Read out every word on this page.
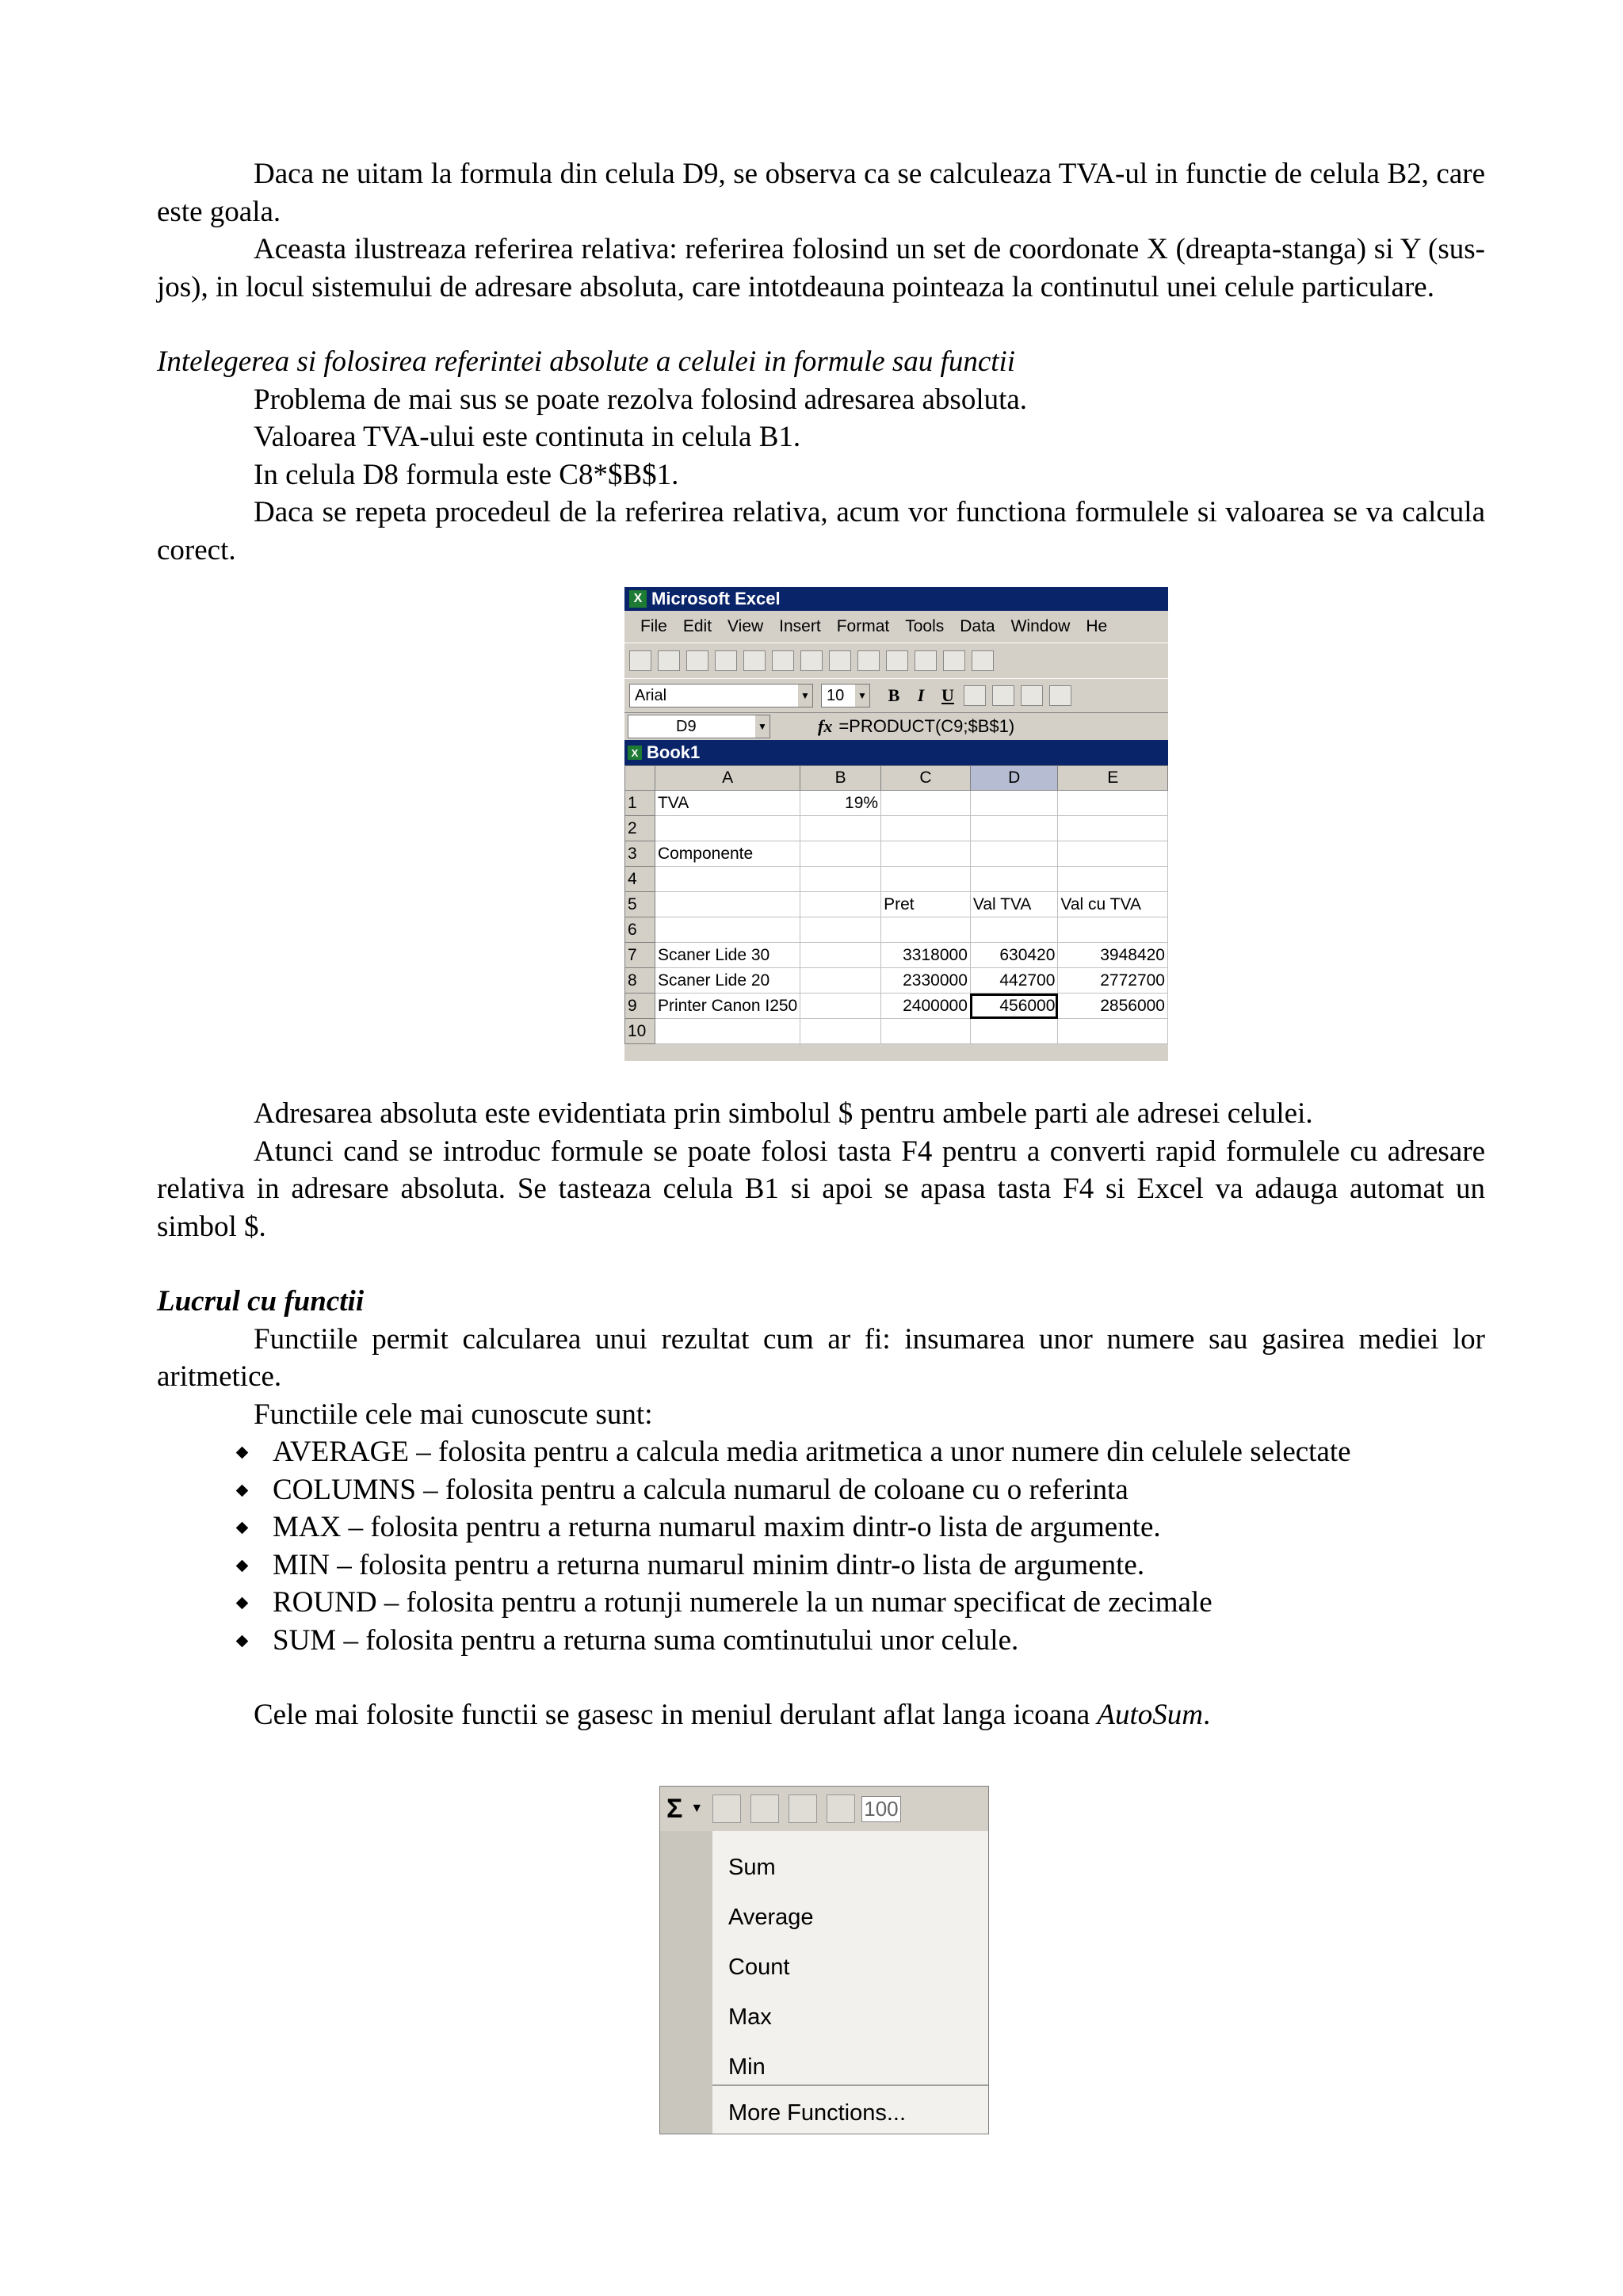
Daca ne uitam la formula din celula D9, se observa ca se calculeaza TVA-ul in functie de celula B2, care este goala.

Aceasta ilustreaza referirea relativa: referirea folosind un set de coordonate X (dreapta-stanga) si Y (sus-jos), in locul sistemului de adresare absoluta, care intotdeauna pointeaza la continutul unei celule particulare.

Intelegerea si folosirea referintei absolute a celulei in formule sau functii

Problema de mai sus se poate rezolva folosind adresarea absoluta.

Valoarea TVA-ului este continuta in celula B1.

In celula D8 formula este C8*$B$1.

Daca se repeta procedeul de la referirea relativa, acum vor functiona formulele si valoarea se va calcula corect.

Adresarea absoluta este evidentiata prin simbolul $ pentru ambele parti ale adresei celulei.

Atunci cand se introduc formule se poate folosi tasta F4 pentru a converti rapid formulele cu adresare relativa in adresare absoluta. Se tasteaza celula B1 si apoi se apasa tasta F4 si Excel va adauga automat un simbol $.

Lucrul cu functii

Functiile permit calcularea unui rezultat cum ar fi: insumarea unor numere sau gasirea mediei lor aritmetice.

Functiile cele mai cunoscute sunt:

AVERAGE – folosita pentru a calcula media aritmetica a unor numere din celulele selectate
COLUMNS – folosita pentru a calcula numarul de coloane cu o referinta
MAX – folosita pentru a returna numarul maxim dintr-o lista de argumente.
MIN – folosita pentru a returna numarul minim dintr-o lista de argumente.
ROUND – folosita pentru a rotunji numerele la un numar specificat de zecimale
SUM – folosita pentru a returna suma comtinutului unor celule.

Cele mai folosite functii se gasesc in meniul derulant aflat langa icoana AutoSum.

X Microsoft Excel
File Edit View Insert Format Tools Data Window He
Arial	▼	10 ▼	B	I U
D9	▼	fx =PRODUCT(C9;$B$1)
X Book1
	A	B	C	D	E
1	TVA	19%			
2					
3	Componente				
4					
5			Pret	Val TVA	Val cu TVA
6					
7	Scaner Lide 30		3318000	630420	3948420
8	Scaner Lide 20		2330000	442700	2772700
9	Printer Canon I250		2400000	456000	2856000
10					
Σ ▼	100
Sum
Average
Count
Max
Min
More Functions...
